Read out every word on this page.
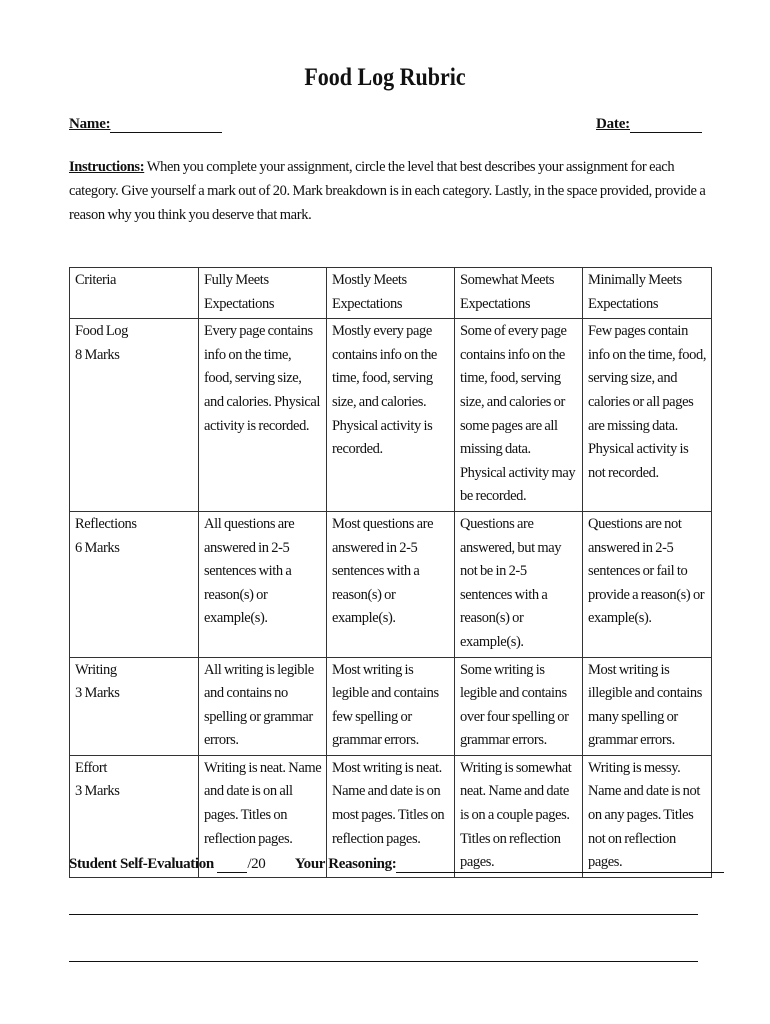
Food Log Rubric
Name:	Date:
Instructions: When you complete your assignment, circle the level that best describes your assignment for each category. Give yourself a mark out of 20. Mark breakdown is in each category. Lastly, in the space provided, provide a reason why you think you deserve that mark.
Criteria	Fully Meets Expectations	Mostly Meets Expectations	Somewhat Meets Expectations	Minimally Meets Expectations

Food Log
8 Marks	Every page contains info on the time, food, serving size, and calories. Physical activity is recorded.	Mostly every page contains info on the time, food, serving size, and calories. Physical activity is recorded.	Some of every page contains info on the time, food, serving size, and calories or some pages are all missing data. Physical activity may be recorded.	Few pages contain info on the time, food, serving size, and calories or all pages are missing data. Physical activity is not recorded.

Reflections
6 Marks	All questions are answered in 2-5 sentences with a reason(s) or example(s).	Most questions are answered in 2-5 sentences with a reason(s) or example(s).	Questions are answered, but may not be in 2-5 sentences with a reason(s) or example(s).	Questions are not answered in 2-5 sentences or fail to provide a reason(s) or example(s).

Writing
3 Marks	All writing is legible and contains no spelling or grammar errors.	Most writing is legible and contains few spelling or grammar errors.	Some writing is legible and contains over four spelling or grammar errors.	Most writing is illegible and contains many spelling or grammar errors.

Effort
3 Marks	Writing is neat. Name and date is on all pages. Titles on reflection pages.	Most writing is neat. Name and date is on most pages. Titles on reflection pages.	Writing is somewhat neat. Name and date is on a couple pages. Titles on reflection pages.	Writing is messy. Name and date is not on any pages. Titles not on reflection pages.
Student Self-Evaluation /20 Your Reasoning:
